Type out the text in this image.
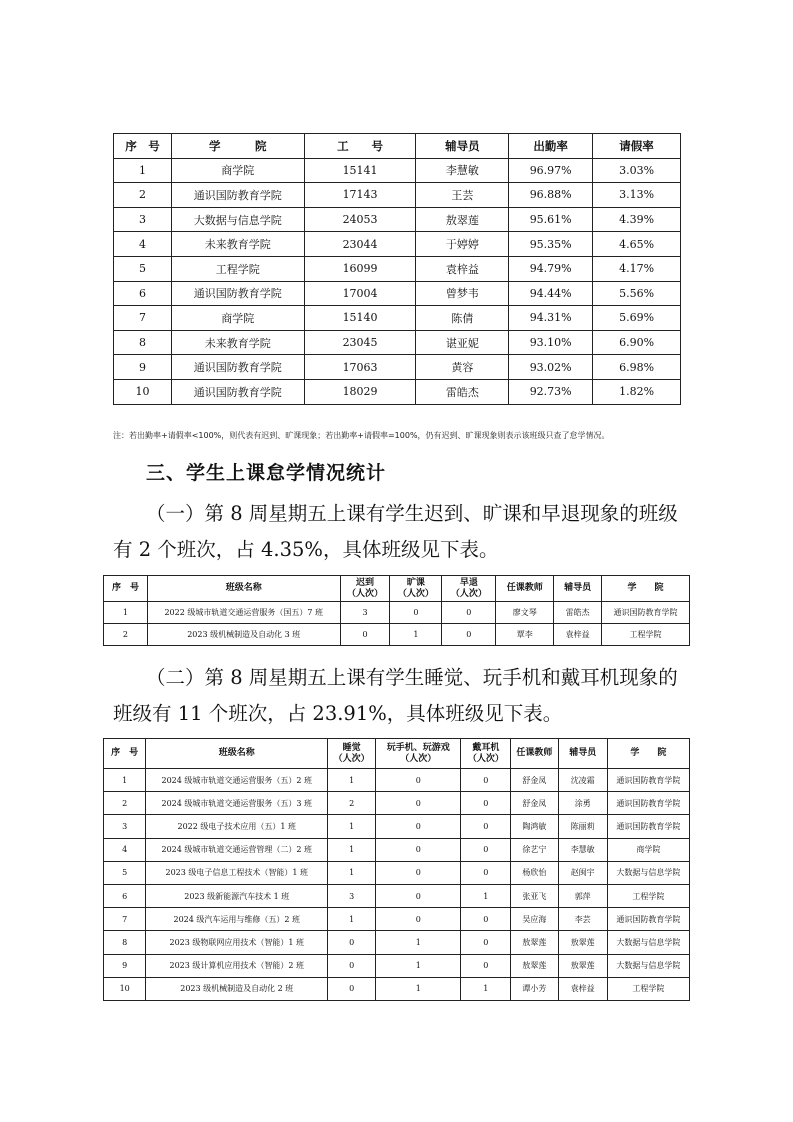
序　号	学　　　院	工　　号	辅导员	出勤率	请假率
1	商学院	15141	李慧敏	96.97%	3.03%
2	通识国防教育学院	17143	王芸	96.88%	3.13%
3	大数据与信息学院	24053	敖翠莲	95.61%	4.39%
4	未来教育学院	23044	于婷婷	95.35%	4.65%
5	工程学院	16099	袁梓益	94.79%	4.17%
6	通识国防教育学院	17004	曾梦韦	94.44%	5.56%
7	商学院	15140	陈倩	94.31%	5.69%
8	未来教育学院	23045	谌亚妮	93.10%	6.90%
9	通识国防教育学院	17063	黄容	93.02%	6.98%
10	通识国防教育学院	18029	雷皓杰	92.73%	1.82%
注：若出勤率+请假率<100%，则代表有迟到、旷课现象；若出勤率+请假率=100%，仍有迟到、旷课现象则表示该班级只查了怠学情况。
三、学生上课怠学情况统计
（一）第 8 周星期五上课有学生迟到、旷课和早退现象的班级有 2 个班次，占 4.35%，具体班级见下表。
序　号	班级名称	迟到
（人次）	旷课
（人次）	早退
（人次）	任课教师	辅导员	学　　院
1	2022 级城市轨道交通运营服务（国五）7 班	3	0	0	廖文琴	雷皓杰	通识国防教育学院
2	2023 级机械制造及自动化 3 班	0	1	0	覃李	袁梓益	工程学院
（二）第 8 周星期五上课有学生睡觉、玩手机和戴耳机现象的班级有 11 个班次，占 23.91%，具体班级见下表。
序　号	班级名称	睡觉
（人次）	玩手机、玩游戏
（人次）	戴耳机
（人次）	任课教师	辅导员	学　　院
1	2024 级城市轨道交通运营服务（五）2 班	1	0	0	舒金凤	沈凌霜	通识国防教育学院
2	2024 级城市轨道交通运营服务（五）3 班	2	0	0	舒金凤	涂勇	通识国防教育学院
3	2022 级电子技术应用（五）1 班	1	0	0	陶鸿敏	陈丽莉	通识国防教育学院
4	2024 级城市轨道交通运营管理（二）2 班	1	0	0	徐艺宁	李慧敏	商学院
5	2023 级电子信息工程技术（智能）1 班	1	0	0	杨欣怡	赵闽宇	大数据与信息学院
6	2023 级新能源汽车技术 1 班	3	0	1	张亚飞	郭萍	工程学院
7	2024 级汽车运用与维修（五）2 班	1	0	0	吴应海	李芸	通识国防教育学院
8	2023 级物联网应用技术（智能）1 班	0	1	0	敖翠莲	敖翠莲	大数据与信息学院
9	2023 级计算机应用技术（智能）2 班	0	1	0	敖翠莲	敖翠莲	大数据与信息学院
10	2023 级机械制造及自动化 2 班	0	1	1	谭小芳	袁梓益	工程学院
